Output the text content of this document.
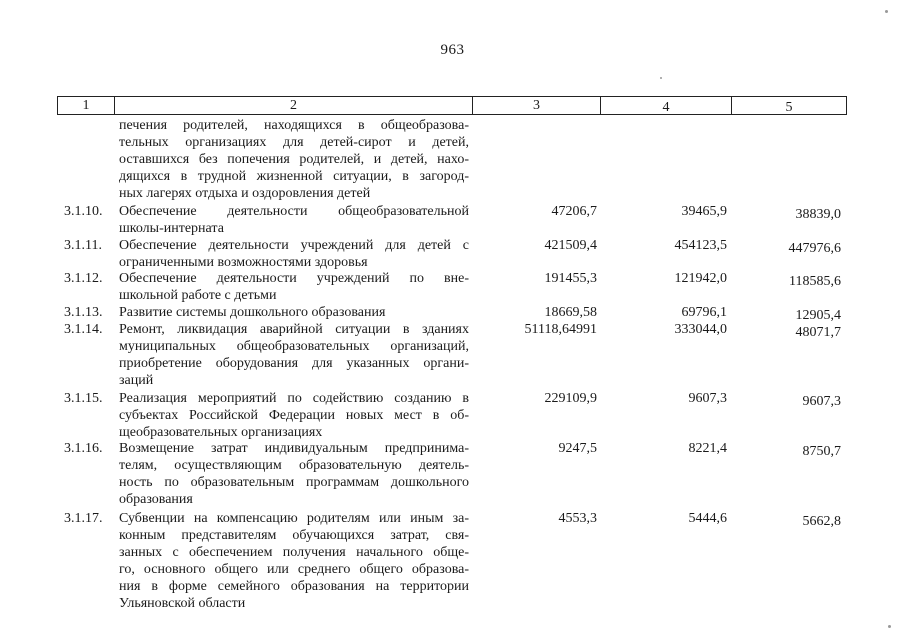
963
1	2	3	4	5
печения родителей, находящихся в общеобразова-
тельных организациях для детей-сирот и детей,
оставшихся без попечения родителей, и детей, нахо-
дящихся в трудной жизненной ситуации, в загород-
ных лагерях отдыха и оздоровления детей
3.1.10.	Обеспечение деятельности общеобразовательной
школы-интерната
47206,7	39465,9	38839,0
3.1.11.	Обеспечение деятельности учреждений для детей с
ограниченными возможностями здоровья
421509,4	454123,5	447976,6
3.1.12.	Обеспечение деятельности учреждений по вне-
школьной работе с детьми
191455,3	121942,0	118585,6
3.1.13.	Развитие системы дошкольного образования	18669,58	69796,1	12905,4
3.1.14.	Ремонт, ликвидация аварийной ситуации в зданиях
муниципальных общеобразовательных организаций,
приобретение оборудования для указанных органи-
заций
51118,64991	333044,0	48071,7
3.1.15.	Реализация мероприятий по содействию созданию в
субъектах Российской Федерации новых мест в об-
щеобразовательных организациях
229109,9	9607,3	9607,3
3.1.16.	Возмещение затрат индивидуальным предпринима-
телям, осуществляющим образовательную деятель-
ность по образовательным программам дошкольного
образования
9247,5	8221,4	8750,7
3.1.17.	Субвенции на компенсацию родителям или иным за-
конным представителям обучающихся затрат, свя-
занных с обеспечением получения начального обще-
го, основного общего или среднего общего образова-
ния в форме семейного образования на территории
Ульяновской области
4553,3	5444,6	5662,8
